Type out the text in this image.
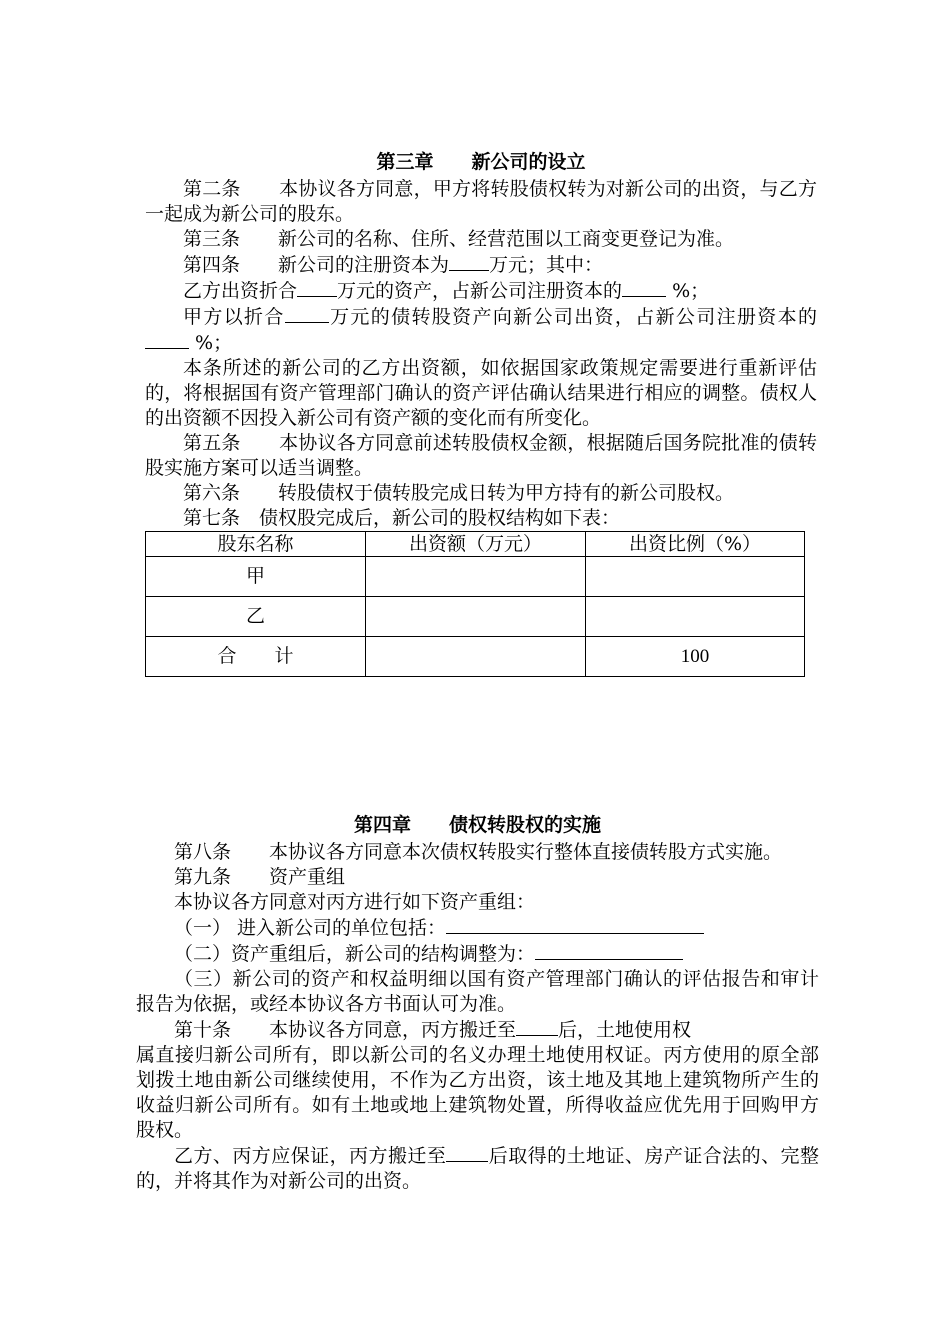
第三章　　新公司的设立

第二条　　本协议各方同意，甲方将转股债权转为对新公司的出资，与乙方一起成为新公司的股东。

第三条　　新公司的名称、住所、经营范围以工商变更登记为准。

第四条　　新公司的注册资本为 万元；其中：

乙方出资折合 万元的资产，占新公司注册资本的 %；

甲方以折合 万元的债转股资产向新公司出资，占新公司注册资本的 %；

本条所述的新公司的乙方出资额，如依据国家政策规定需要进行重新评估的，将根据国有资产管理部门确认的资产评估确认结果进行相应的调整。债权人的出资额不因投入新公司有资产额的变化而有所变化。

第五条　　本协议各方同意前述转股债权金额，根据随后国务院批准的债转股实施方案可以适当调整。

第六条　　转股债权于债转股完成日转为甲方持有的新公司股权。

第七条　债权股完成后，新公司的股权结构如下表：

股东名称	出资额（万元）	出资比例（%）
甲		
乙		
合　　计		100
第四章　　债权转股权的实施

第八条　　本协议各方同意本次债权转股实行整体直接债转股方式实施。

第九条　　资产重组

本协议各方同意对丙方进行如下资产重组：

（一） 进入新公司的单位包括：

（二）资产重组后，新公司的结构调整为：

（三）新公司的资产和权益明细以国有资产管理部门确认的评估报告和审计报告为依据，或经本协议各方书面认可为准。

第十条　　本协议各方同意，丙方搬迁至 后，土地使用权

属直接归新公司所有，即以新公司的名义办理土地使用权证。丙方使用的原全部划拨土地由新公司继续使用，不作为乙方出资，该土地及其地上建筑物所产生的收益归新公司所有。如有土地或地上建筑物处置，所得收益应优先用于回购甲方股权。

乙方、丙方应保证，丙方搬迁至 后取得的土地证、房产证合法的、完整的，并将其作为对新公司的出资。
